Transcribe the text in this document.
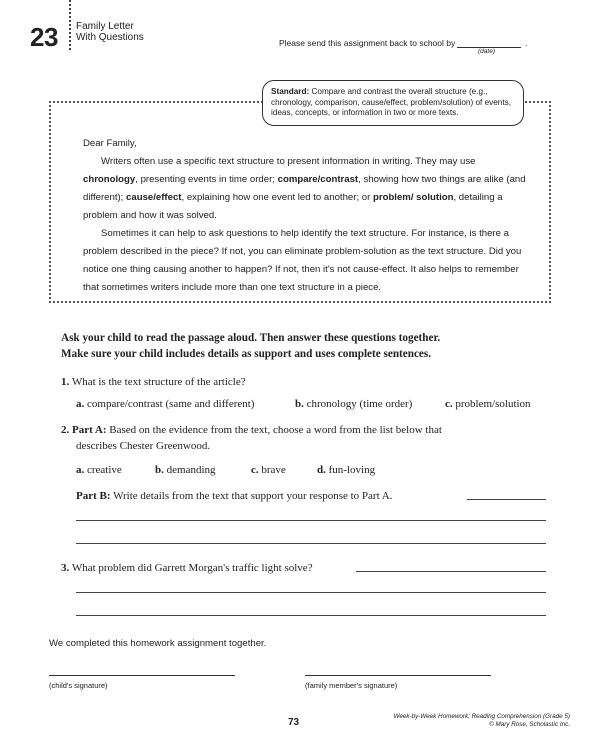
23 Family Letter
With Questions	Please send this assignment back to school by	.
(date)
Standard: Compare and contrast the overall structure (e.g., chronology, comparison, cause/effect, problem/solution) of events, ideas, concepts, or information in two or more texts.

Dear Family,

Writers often use a specific text structure to present information in writing. They may use chronology, presenting events in time order; compare/contrast, showing how two things are alike (and different); cause/effect, explaining how one event led to another; or problem/ solution, detailing a problem and how it was solved.

Sometimes it can help to ask questions to help identify the text structure. For instance, is there a problem described in the piece? If not, you can eliminate problem-solution as the text structure. Did you notice one thing causing another to happen? If not, then it's not cause-effect. It also helps to remember that sometimes writers include more than one text structure in a piece.

Ask your child to read the passage aloud. Then answer these questions together.
Make sure your child includes details as support and uses complete sentences.
1. What is the text structure of the article?
a. compare/contrast (same and different)	b. chronology (time order)	c. problem/solution
2. Part A: Based on the evidence from the text, choose a word from the list below that
describes Chester Greenwood.
a. creative	b. demanding	c. brave	d. fun-loving
Part B: Write details from the text that support your response to Part A.
3. What problem did Garrett Morgan's traffic light solve?
We completed this homework assignment together.
(child's signature)	(family member's signature)
73
Week-by-Week Homework: Reading Comprehension (Grade 5)
© Mary Rose, Scholastic Inc.
